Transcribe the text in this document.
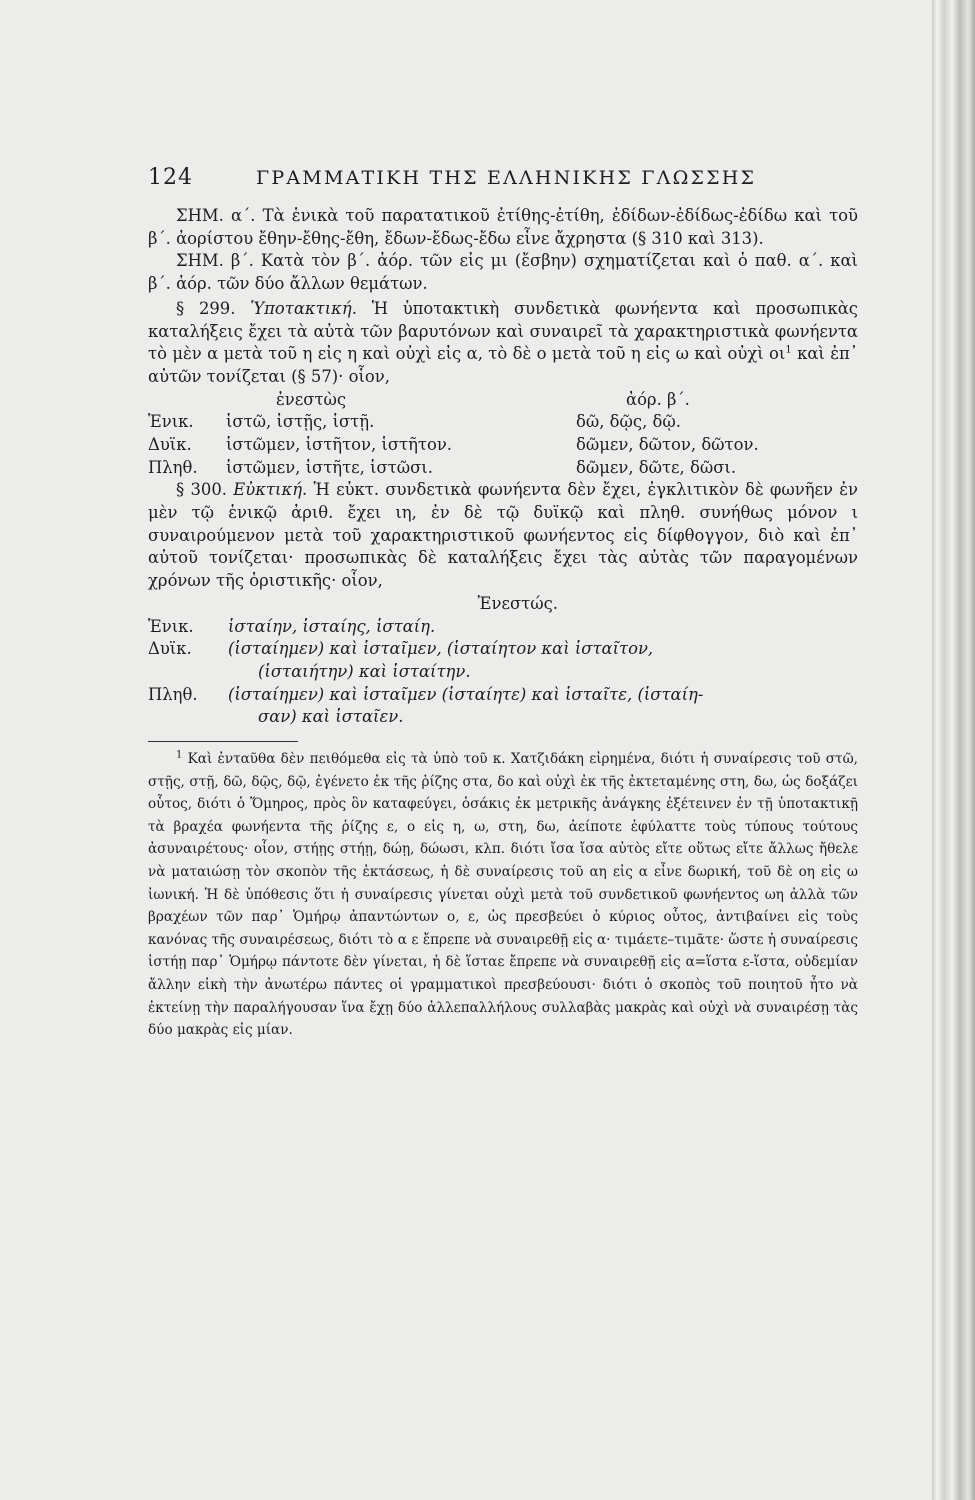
124	ΓΡΑΜΜΑΤΙΚΗ ΤΗΣ ΕΛΛΗΝΙΚΗΣ ΓΛΩΣΣΗΣ

ΣΗΜ. α΄. Τὰ ἑνικὰ τοῦ παρατατικοῦ ἐτίθης-ἐτίθη, ἐδίδων-ἐδίδως-ἐδίδω καὶ τοῦ β΄. ἀορίστου ἔθην-ἔθης-ἔθη, ἔδων-ἔδως-ἔδω εἶνε ἄχρηστα (§ 310 καὶ 313).

ΣΗΜ. β΄. Κατὰ τὸν β΄. ἀόρ. τῶν εἰς μι (ἔσβην) σχηματίζεται καὶ ὁ παθ. α΄. καὶ β΄. ἀόρ. τῶν δύο ἄλλων θεμάτων.

§ 299. Ὑποτακτική. Ἡ ὑποτακτικὴ συνδετικὰ φωνήεντα καὶ προσωπικὰς καταλήξεις ἔχει τὰ αὐτὰ τῶν βαρυτόνων καὶ συναιρεῖ τὰ χαρακτηριστικὰ φωνήεντα τὸ μὲν α μετὰ τοῦ η εἰς η καὶ οὐχὶ εἰς α, τὸ δὲ ο μετὰ τοῦ η εἰς ω καὶ οὐχὶ $o\iota^1$ καὶ ἐπ᾽ αὐτῶν τονίζεται (§ 57)· οἷον,

ἐνεστὼς	ἀόρ. β΄.
Ἑνικ. ἱστῶ, ἱστῇς, ἱστῇ.	δῶ, δῷς, δῷ.
Δυϊκ. ἱστῶμεν, ἱστῆτον, ἱστῆτον.	δῶμεν, δῶτον, δῶτον.
Πληθ. ἱστῶμεν, ἱστῆτε, ἱστῶσι.	δῶμεν, δῶτε, δῶσι.

§ 300. Εὐκτική. Ἡ εὐκτ. συνδετικὰ φωνήεντα δὲν ἔχει, ἐγκλιτικὸν δὲ φωνῆεν ἐν μὲν τῷ ἑνικῷ ἀριθ. ἔχει ιη, ἐν δὲ τῷ δυϊκῷ καὶ πληθ. συνήθως μόνον ι συναιρούμενον μετὰ τοῦ χαρακτηριστικοῦ φωνήεντος εἰς δίφθογγον, διὸ καὶ ἐπ᾽ αὐτοῦ τονίζεται· προσωπικὰς δὲ καταλήξεις ἔχει τὰς αὐτὰς τῶν παραγομένων χρόνων τῆς ὁριστικῆς· οἷον,

Ἐνεστώς.
Ἑνικ. ἱσταίην, ἱσταίης, ἱσταίη.
Δυϊκ. (ἱσταίημεν) καὶ ἱσταῖμεν, (ἱσταίητον καὶ ἱσταῖτον,
(ἱσταιήτην) καὶ ἱσταίτην.
Πληθ. (ἱσταίημεν) καὶ ἱσταῖμεν (ἱσταίητε) καὶ ἱσταῖτε, (ἱσταίη-
σαν) καὶ ἱσταῖεν.

$^1$ Καὶ ἐνταῦθα δὲν πειθόμεθα εἰς τὰ ὑπὸ τοῦ κ. Χατζιδάκη εἰρημένα, διότι ἡ συναίρεσις τοῦ στῶ, στῇς, στῇ, δῶ, δῷς, δῷ, ἐγένετο ἐκ τῆς ῥίζης στα, δο καὶ οὐχὶ ἐκ τῆς ἐκτεταμένης στη, δω, ὡς δοξάζει οὗτος, διότι ὁ Ὅμηρος, πρὸς ὃν καταφεύγει, ὁσάκις ἐκ μετρικῆς ἀνάγκης ἐξέτεινεν ἐν τῇ ὑποτακτικῇ τὰ βραχέα φωνήεντα τῆς ῥίζης ε, ο εἰς η, ω, στη, δω, ἀείποτε ἐφύλαττε τοὺς τύπους τούτους ἀσυναιρέτους· οἷον, στήῃς στήῃ, δώῃ, δώωσι, κλπ. διότι ἴσα ἴσα αὐτὸς εἴτε οὕτως εἴτε ἄλλως ἤθελε νὰ ματαιώσῃ τὸν σκοπὸν τῆς ἐκτάσεως, ἡ δὲ συναίρεσις τοῦ αη εἰς α εἶνε δωρική, τοῦ δὲ οη εἰς ω ἰωνική. Ἡ δὲ ὑπόθεσις ὅτι ἡ συναίρεσις γίνεται οὐχὶ μετὰ τοῦ συνδετικοῦ φωνήεντος ωη ἀλλὰ τῶν βραχέων τῶν παρ᾽ Ὁμήρῳ ἀπαντώντων ο, ε, ὡς πρεσβεύει ὁ κύριος οὗτος, ἀντιβαίνει εἰς τοὺς κανόνας τῆς συναιρέσεως, διότι τὸ α ε ἔπρεπε νὰ συναιρεθῇ εἰς α· τιμάετε–τιμᾶτε· ὥστε ἡ συναίρεσις ἱστήῃ παρ᾽ Ὁμήρῳ πάντοτε δὲν γίνεται, ἡ δὲ ἵσταε ἔπρεπε νὰ συναιρεθῇ εἰς α=ἵστα ε-ἵστα, οὐδεμίαν ἄλλην εἰκὴ τὴν ἀνωτέρω πάντες οἱ γραμματικοὶ πρεσβεύουσι· διότι ὁ σκοπὸς τοῦ ποιητοῦ ἦτο νὰ ἐκτείνῃ τὴν παραλήγουσαν ἵνα ἔχῃ δύο ἀλλεπαλλήλους συλλαβὰς μακρὰς καὶ οὐχὶ νὰ συναιρέσῃ τὰς δύο μακρὰς εἰς μίαν.
